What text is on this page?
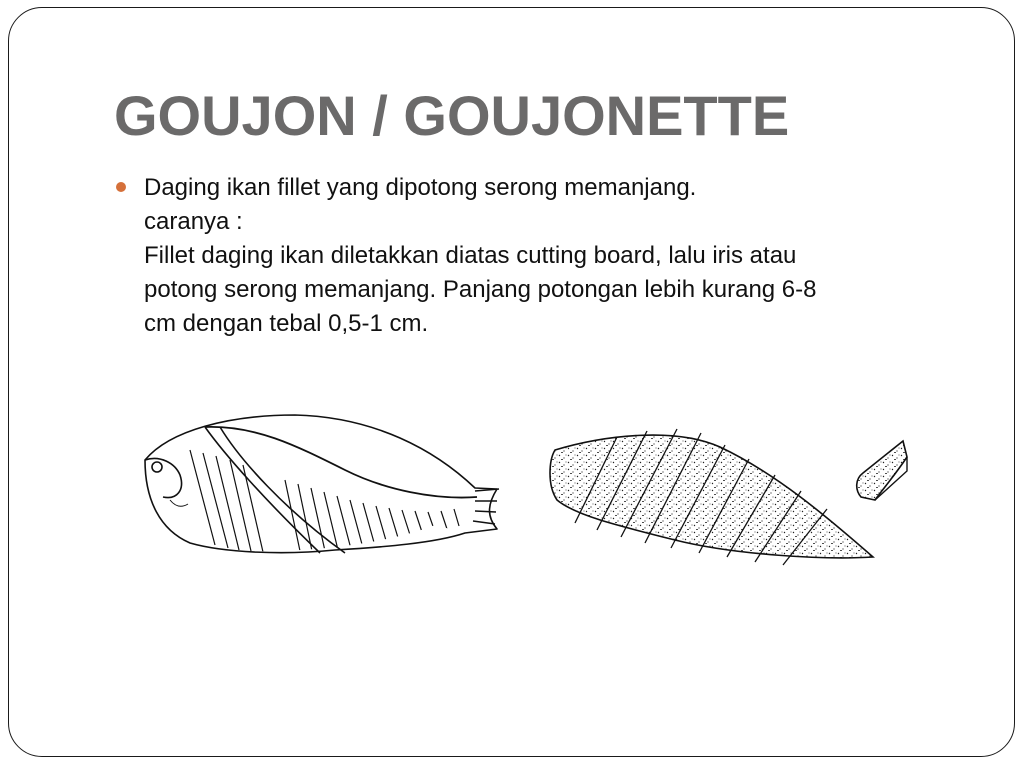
GOUJON / GOUJONETTE
Daging ikan fillet yang dipotong serong memanjang.
caranya :
Fillet daging ikan diletakkan diatas cutting board, lalu iris atau
potong serong memanjang. Panjang potongan lebih kurang 6-8
cm dengan tebal 0,5-1 cm.
